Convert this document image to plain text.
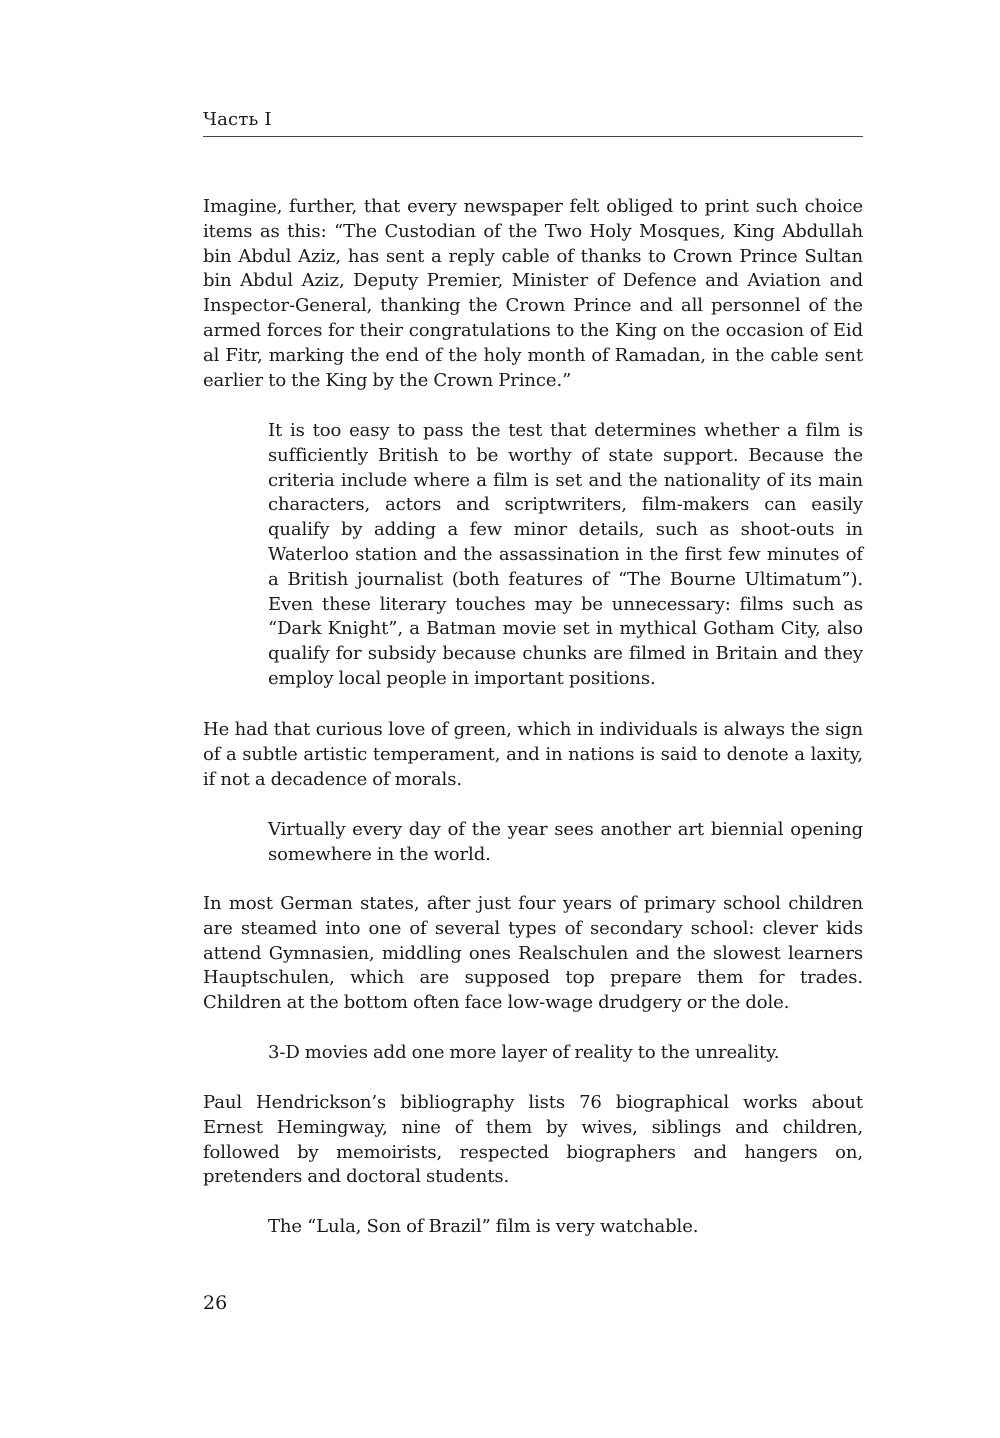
Часть I

Imagine, further, that every newspaper felt obliged to print such choice items as this: “The Custodian of the Two Holy Mosques, King Abdullah bin Abdul Aziz, has sent a reply cable of thanks to Crown Prince Sultan bin Abdul Aziz, Deputy Premier, Minister of Defence and Aviation and Inspector-General, thanking the Crown Prince and all personnel of the armed forces for their congratulations to the King on the occasion of Eid al Fitr, marking the end of the holy month of Ramadan, in the cable sent earlier to the King by the Crown Prince.”

It is too easy to pass the test that determines whether a film is sufficiently British to be worthy of state support. Because the criteria include where a film is set and the nationality of its main characters, actors and scriptwriters, film-makers can easily qualify by adding a few minor details, such as shoot-outs in Waterloo station and the assassination in the first few minutes of a British journalist (both features of “The Bourne Ultimatum”). Even these literary touches may be unnecessary: films such as “Dark Knight”, a Batman movie set in mythical Gotham City, also qualify for subsidy because chunks are filmed in Britain and they employ local people in important positions.

He had that curious love of green, which in individuals is always the sign of a subtle artistic temperament, and in nations is said to denote a laxity, if not a decadence of morals.

Virtually every day of the year sees another art biennial opening somewhere in the world.

In most German states, after just four years of primary school children are steamed into one of several types of secondary school: clever kids attend Gymnasien, middling ones Realschulen and the slowest learners Hauptschulen, which are supposed top prepare them for trades. Children at the bottom often face low-wage drudgery or the dole.

3-D movies add one more layer of reality to the unreality.

Paul Hendrickson’s bibliography lists 76 biographical works about Ernest Hemingway, nine of them by wives, siblings and children, followed by memoirists, respected biographers and hangers on, pretenders and doctoral students.

The “Lula, Son of Brazil” film is very watchable.

26
